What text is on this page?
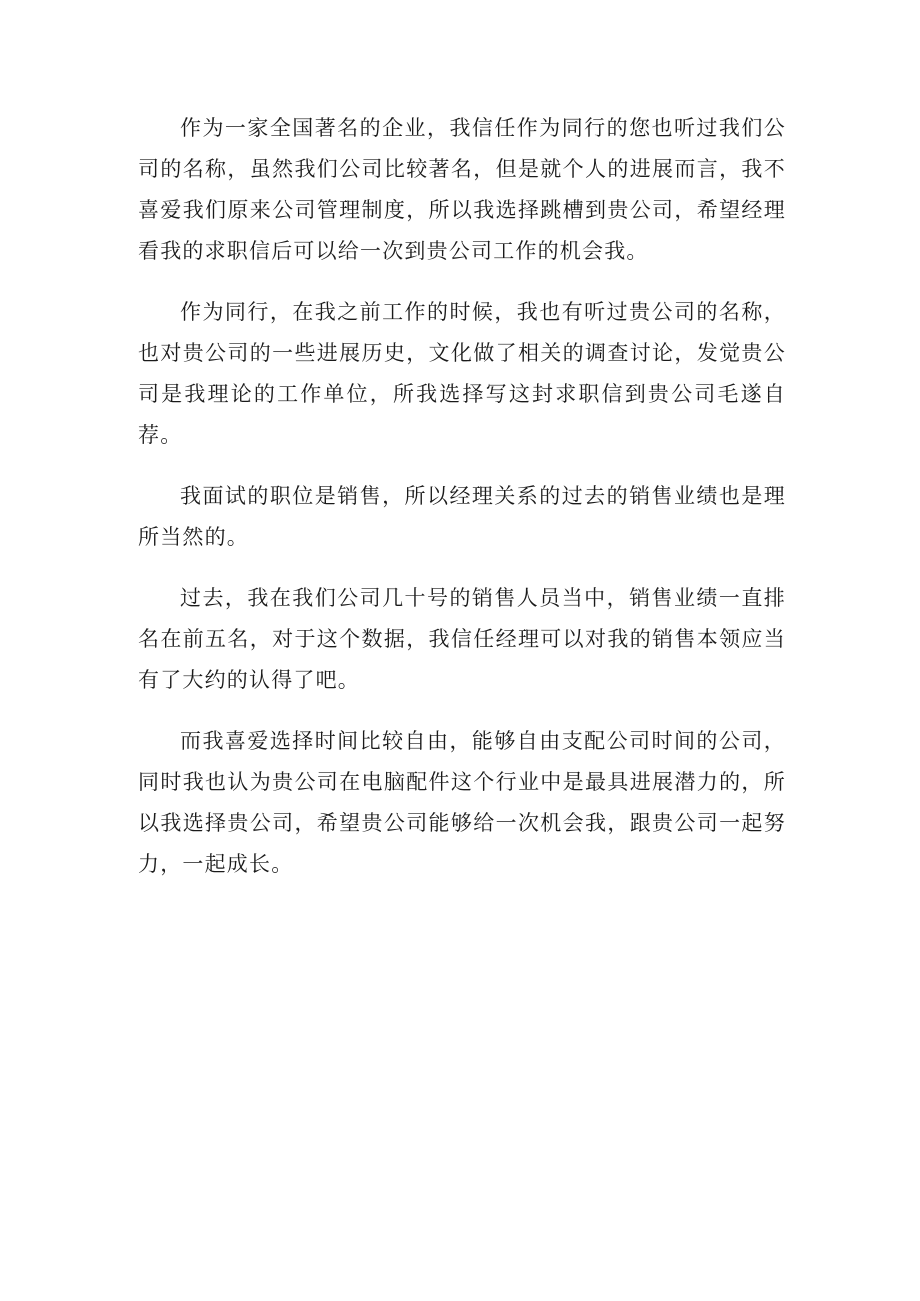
作为一家全国著名的企业，我信任作为同行的您也听过我们公司的名称，虽然我们公司比较著名，但是就个人的进展而言，我不喜爱我们原来公司管理制度，所以我选择跳槽到贵公司，希望经理看我的求职信后可以给一次到贵公司工作的机会我。

作为同行，在我之前工作的时候，我也有听过贵公司的名称，也对贵公司的一些进展历史，文化做了相关的调查讨论，发觉贵公司是我理论的工作单位，所我选择写这封求职信到贵公司毛遂自荐。

我面试的职位是销售，所以经理关系的过去的销售业绩也是理所当然的。

过去，我在我们公司几十号的销售人员当中，销售业绩一直排名在前五名，对于这个数据，我信任经理可以对我的销售本领应当有了大约的认得了吧。

而我喜爱选择时间比较自由，能够自由支配公司时间的公司，同时我也认为贵公司在电脑配件这个行业中是最具进展潜力的，所以我选择贵公司，希望贵公司能够给一次机会我，跟贵公司一起努力，一起成长。
